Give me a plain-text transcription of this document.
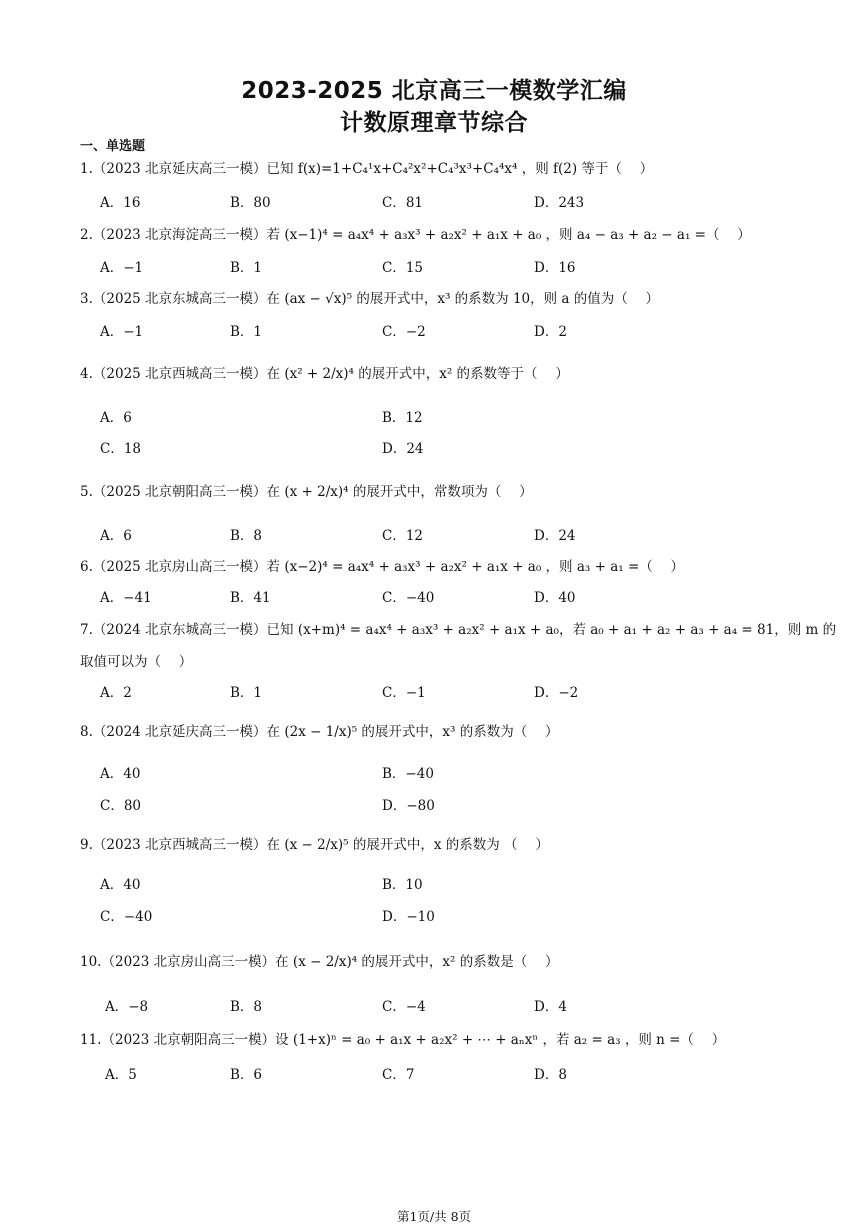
2023-2025 北京高三一模数学汇编
计数原理章节综合
一、单选题
1.（2023 北京延庆高三一模）已知 f(x)=1+C₄¹x+C₄²x²+C₄³x³+C₄⁴x⁴ ，则 f(2) 等于（　 ）
A．16	B．80	C．81	D．243
2.（2023 北京海淀高三一模）若 (x−1)⁴ = a₄x⁴ + a₃x³ + a₂x² + a₁x + a₀ ，则 a₄ − a₃ + a₂ − a₁ =（　 ）
A．−1	B．1	C．15	D．16
3.（2025 北京东城高三一模）在 (ax − √x)⁵ 的展开式中，x³ 的系数为 10，则 a 的值为（　 ）
A．−1	B．1	C．−2	D．2
4.（2025 北京西城高三一模）在 (x² + 2/x)⁴ 的展开式中，x² 的系数等于（　 ）
A．6	B．12
C．18	D．24
5.（2025 北京朝阳高三一模）在 (x + 2/x)⁴ 的展开式中，常数项为（　 ）
A．6	B．8	C．12	D．24
6.（2025 北京房山高三一模）若 (x−2)⁴ = a₄x⁴ + a₃x³ + a₂x² + a₁x + a₀ ，则 a₃ + a₁ =（　 ）
A．−41	B．41	C．−40	D．40
7.（2024 北京东城高三一模）已知 (x+m)⁴ = a₄x⁴ + a₃x³ + a₂x² + a₁x + a₀，若 a₀ + a₁ + a₂ + a₃ + a₄ = 81，则 m 的
取值可以为（　 ）
A．2	B．1	C．−1	D．−2
8.（2024 北京延庆高三一模）在 (2x − 1/x)⁵ 的展开式中，x³ 的系数为（　 ）
A．40	B．−40
C．80	D．−80
9.（2023 北京西城高三一模）在 (x − 2/x)⁵ 的展开式中，x 的系数为 （　 ）
A．40	B．10
C．−40	D．−10
10.（2023 北京房山高三一模）在 (x − 2/x)⁴ 的展开式中，x² 的系数是（　 ）
A．−8	B．8	C．−4	D．4
11.（2023 北京朝阳高三一模）设 (1+x)ⁿ = a₀ + a₁x + a₂x² + ⋯ + aₙxⁿ ，若 a₂ = a₃ ，则 n =（　 ）
A．5	B．6	C．7	D．8
第1页/共 8页
